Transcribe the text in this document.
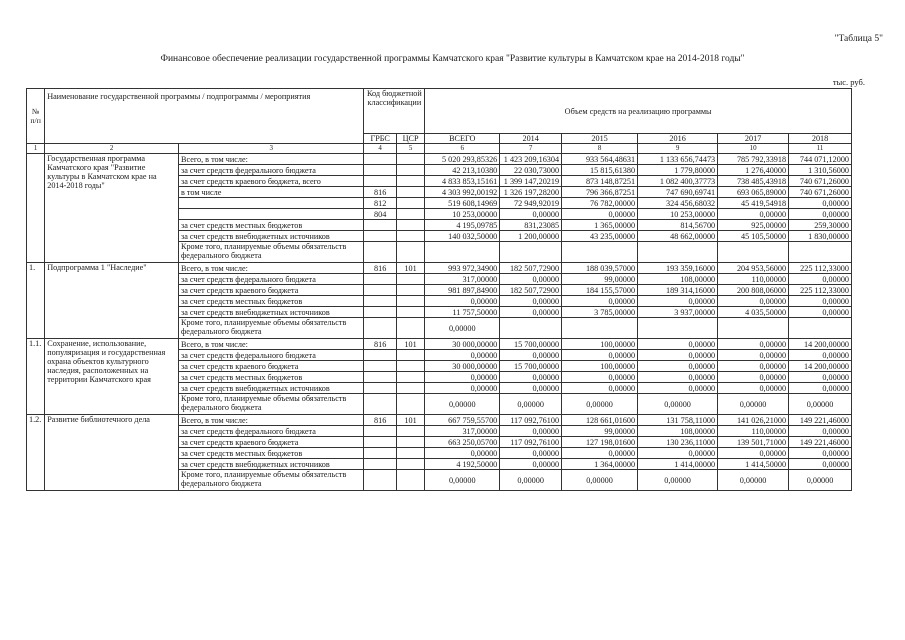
"Таблица 5"
Финансовое обеспечение реализации государственной программы Камчатского края "Развитие культуры в Камчатском крае на 2014-2018 годы"
тыс. руб.
№ п/п	Наименование государственной программы / подпрограммы / мероприятия		Код бюджетной классификации		Объем средств на реализацию программы					
			ГРБС	ЦСР	ВСЕГО	2014	2015	2016	2017	2018
1	2	3	4	5	6	7	8	9	10	11
	Государственная программа Камчатского края "Развитие культуры в Камчатском крае на 2014-2018 годы"	Всего, в том числе:			5 020 293,85326	1 423 209,16304	933 564,48631	1 133 656,74473	785 792,33918	744 071,12000
		за счет средств федерального бюджета			42 213,10380	22 030,73000	15 815,61380	1 779,80000	1 276,40000	1 310,56000
		за счет средств краевого бюджета, всего			4 833 853,15161	1 399 147,20219	873 148,87251	1 082 400,37773	738 485,43918	740 671,26000
		в том числе	816		4 303 992,00192	1 326 197,28200	796 366,87251	747 690,69741	693 065,89000	740 671,26000
			812		519 608,14969	72 949,92019	76 782,00000	324 456,68032	45 419,54918	0,00000
			804		10 253,00000	0,00000	0,00000	10 253,00000	0,00000	0,00000
		за счет средств местных бюджетов			4 195,09785	831,23085	1 365,00000	814,56700	925,00000	259,30000
		за счет средств внебюджетных источников			140 032,50000	1 200,00000	43 235,00000	48 662,00000	45 105,50000	1 830,00000
		Кроме того, планируемые объемы обязательств федерального бюджета								
1.	Подпрограмма 1 "Наследие"	Всего, в том числе:	816	101	993 972,34900	182 507,72900	188 039,57000	193 359,16000	204 953,56000	225 112,33000
		за счет средств федерального бюджета			317,00000	0,00000	99,00000	108,00000	110,00000	0,00000
		за счет средств краевого бюджета			981 897,84900	182 507,72900	184 155,57000	189 314,16000	200 808,06000	225 112,33000
		за счет средств местных бюджетов			0,00000	0,00000	0,00000	0,00000	0,00000	0,00000
		за счет средств внебюджетных источников			11 757,50000	0,00000	3 785,00000	3 937,00000	4 035,50000	0,00000
		Кроме того, планируемые объемы обязательств федерального бюджета			0,00000					
1.1.	Сохранение, использование, популяризация и государственная охрана объектов культурного наследия, расположенных на территории Камчатского края	Всего, в том числе:	816	101	30 000,00000	15 700,00000	100,00000	0,00000	0,00000	14 200,00000
		за счет средств федерального бюджета			0,00000	0,00000	0,00000	0,00000	0,00000	0,00000
		за счет средств краевого бюджета			30 000,00000	15 700,00000	100,00000	0,00000	0,00000	14 200,00000
		за счет средств местных бюджетов			0,00000	0,00000	0,00000	0,00000	0,00000	0,00000
		за счет средств внебюджетных источников			0,00000	0,00000	0,00000	0,00000	0,00000	0,00000
		Кроме того, планируемые объемы обязательств федерального бюджета			0,00000	0,00000	0,00000	0,00000	0,00000	0,00000
1.2.	Развитие библиотечного дела	Всего, в том числе:	816	101	667 759,55700	117 092,76100	128 661,01600	131 758,11000	141 026,21000	149 221,46000
		за счет средств федерального бюджета			317,00000	0,00000	99,00000	108,00000	110,00000	0,00000
		за счет средств краевого бюджета			663 250,05700	117 092,76100	127 198,01600	130 236,11000	139 501,71000	149 221,46000
		за счет средств местных бюджетов			0,00000	0,00000	0,00000	0,00000	0,00000	0,00000
		за счет средств внебюджетных источников			4 192,50000	0,00000	1 364,00000	1 414,00000	1 414,50000	0,00000
		Кроме того, планируемые объемы обязательств федерального бюджета			0,00000	0,00000	0,00000	0,00000	0,00000	0,00000
